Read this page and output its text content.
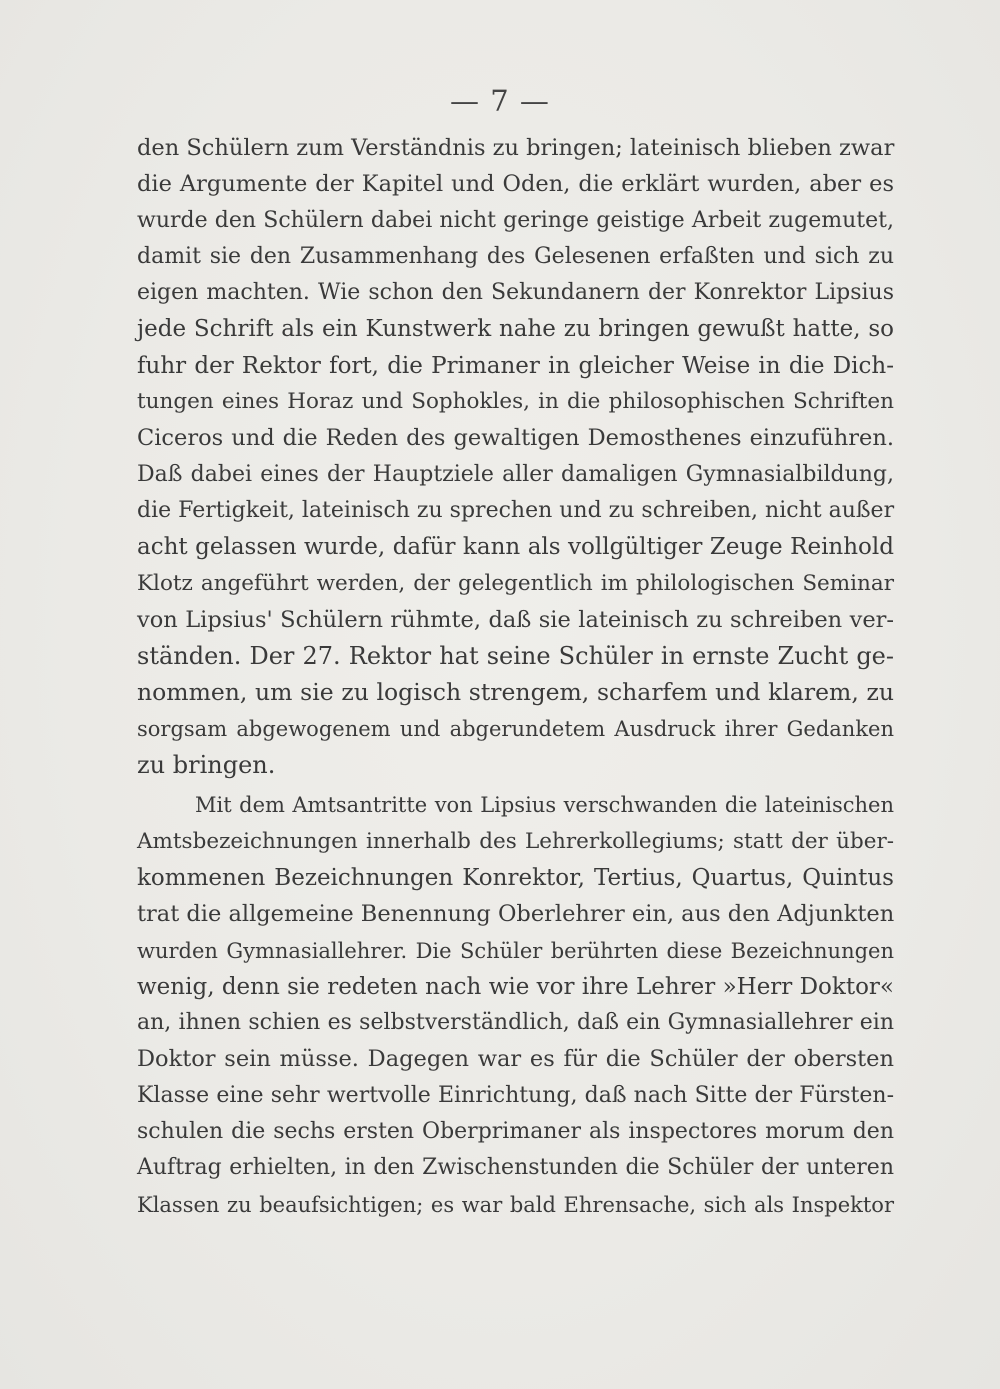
— 7 —
den Schülern zum Verständnis zu bringen; lateinisch blieben zwar
die Argumente der Kapitel und Oden, die erklärt wurden, aber es
wurde den Schülern dabei nicht geringe geistige Arbeit zugemutet,
damit sie den Zusammenhang des Gelesenen erfaßten und sich zu
eigen machten. Wie schon den Sekundanern der Konrektor Lipsius
jede Schrift als ein Kunstwerk nahe zu bringen gewußt hatte, so
fuhr der Rektor fort, die Primaner in gleicher Weise in die Dich-
tungen eines Horaz und Sophokles, in die philosophischen Schriften
Ciceros und die Reden des gewaltigen Demosthenes einzuführen.
Daß dabei eines der Hauptziele aller damaligen Gymnasialbildung,
die Fertigkeit, lateinisch zu sprechen und zu schreiben, nicht außer
acht gelassen wurde, dafür kann als vollgültiger Zeuge Reinhold
Klotz angeführt werden, der gelegentlich im philologischen Seminar
von Lipsius' Schülern rühmte, daß sie lateinisch zu schreiben ver-
ständen. Der 27. Rektor hat seine Schüler in ernste Zucht ge-
nommen, um sie zu logisch strengem, scharfem und klarem, zu
sorgsam abgewogenem und abgerundetem Ausdruck ihrer Gedanken
zu bringen.
Mit dem Amtsantritte von Lipsius verschwanden die lateinischen
Amtsbezeichnungen innerhalb des Lehrerkollegiums; statt der über-
kommenen Bezeichnungen Konrektor, Tertius, Quartus, Quintus
trat die allgemeine Benennung Oberlehrer ein, aus den Adjunkten
wurden Gymnasiallehrer. Die Schüler berührten diese Bezeichnungen
wenig, denn sie redeten nach wie vor ihre Lehrer »Herr Doktor«
an, ihnen schien es selbstverständlich, daß ein Gymnasiallehrer ein
Doktor sein müsse. Dagegen war es für die Schüler der obersten
Klasse eine sehr wertvolle Einrichtung, daß nach Sitte der Fürsten-
schulen die sechs ersten Oberprimaner als inspectores morum den
Auftrag erhielten, in den Zwischenstunden die Schüler der unteren
Klassen zu beaufsichtigen; es war bald Ehrensache, sich als Inspektor
